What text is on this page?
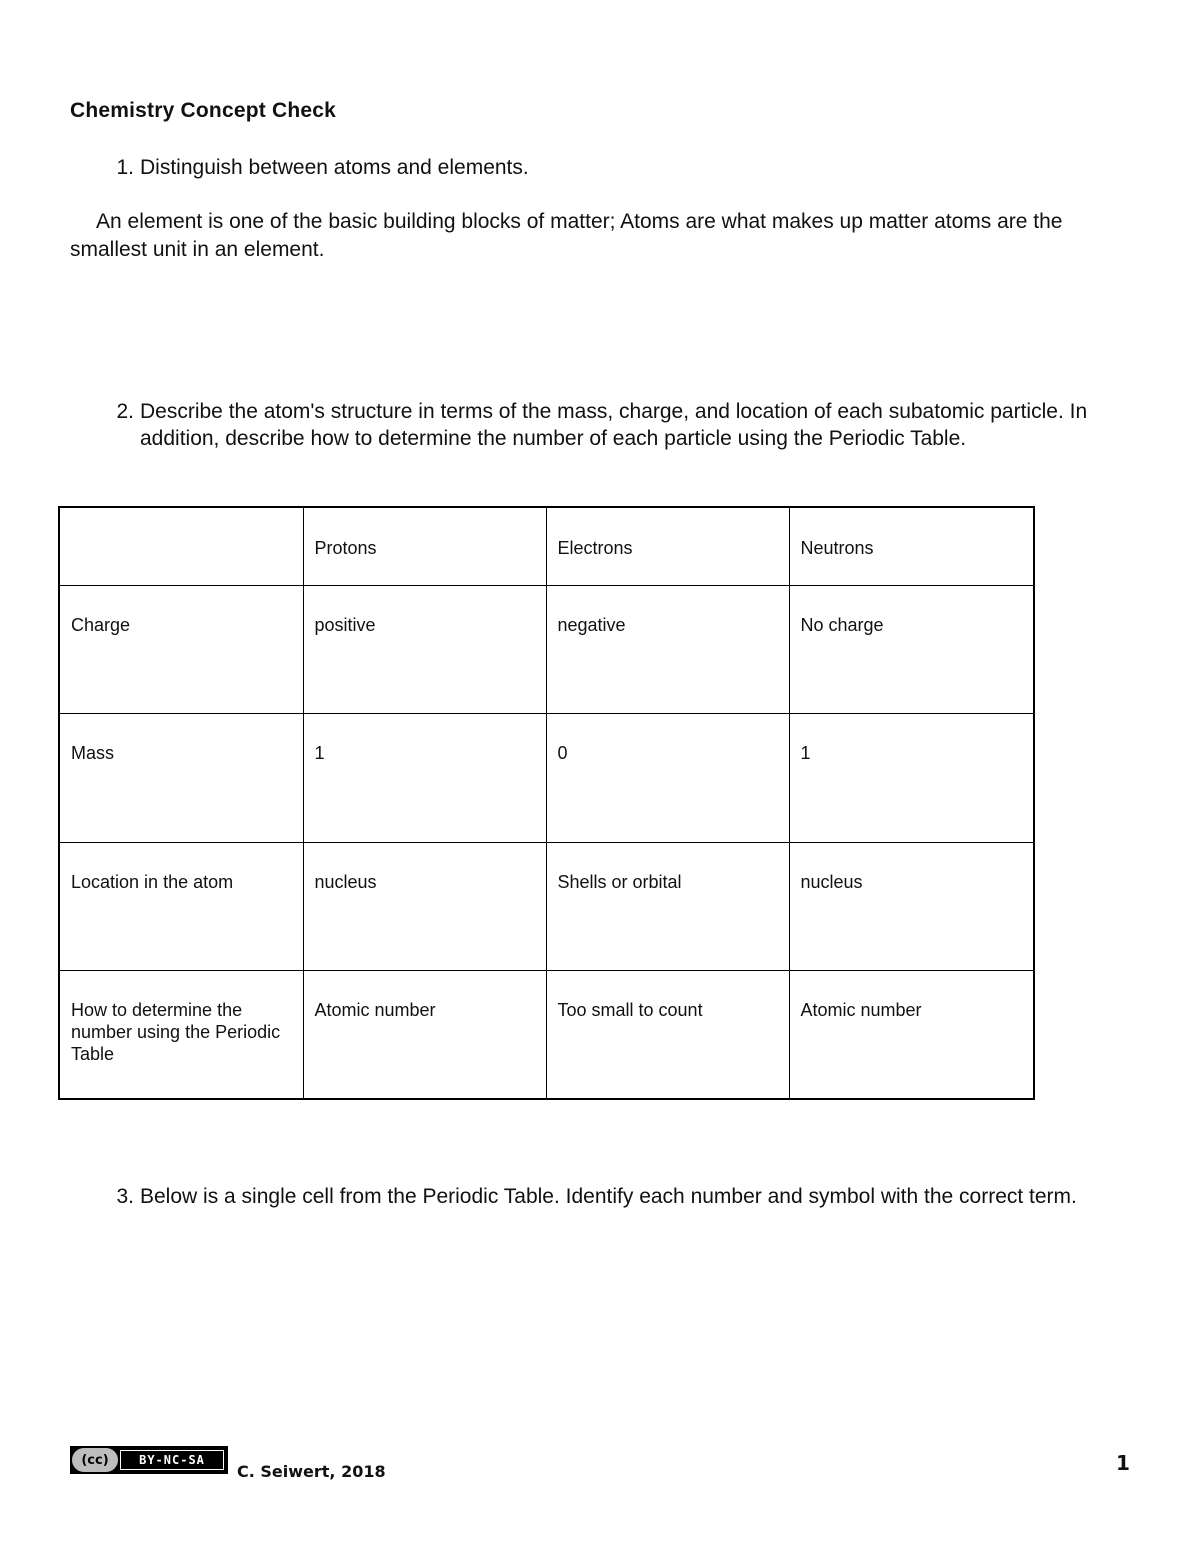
Chemistry Concept Check
1. Distinguish between atoms and elements.
An element is one of the basic building blocks of matter; Atoms are what makes up matter atoms are the smallest unit in an element.
2. Describe the atom's structure in terms of the mass, charge, and location of each subatomic particle. In addition, describe how to determine the number of each particle using the Periodic Table.
	Protons	Electrons	Neutrons
Charge	positive	negative	No charge
Mass	1	0	1
Location in the atom	nucleus	Shells or orbital	nucleus
How to determine the number using the Periodic Table	Atomic number	Too small to count	Atomic number
3. Below is a single cell from the Periodic Table. Identify each number and symbol with the correct term.
(cc)	BY-NC-SA
C. Seiwert, 2018	1
